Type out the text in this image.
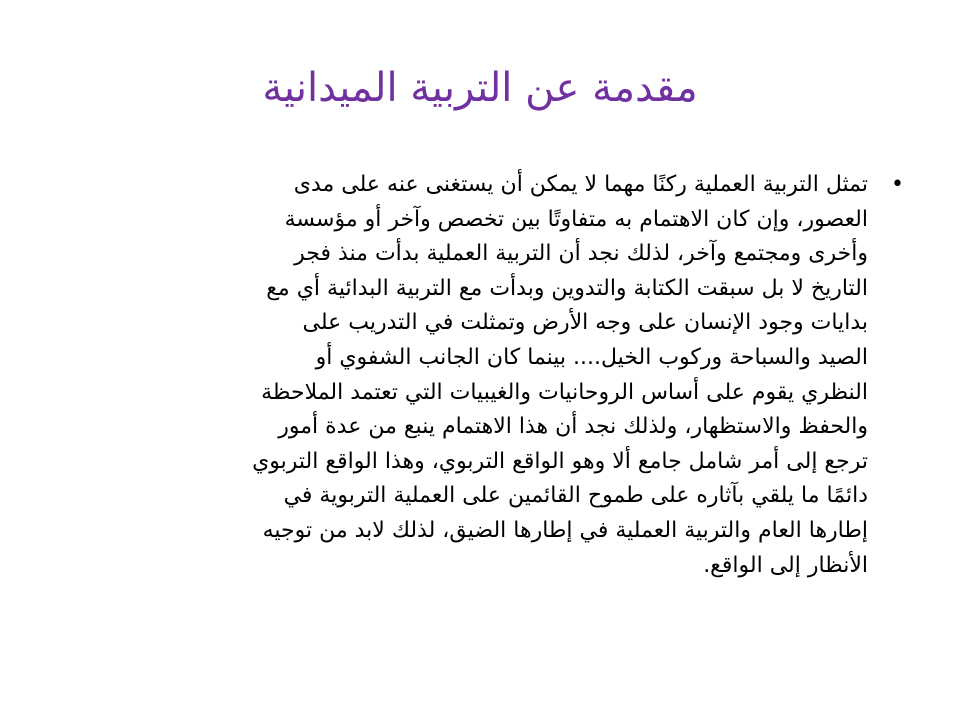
مقدمة عن التربية الميدانية
•
تمثل التربية العملية ركنًا مهما لا يمكن أن يستغنى عنه على مدى
العصور، وإن كان الاهتمام به متفاوتًا بين تخصص وآخر أو مؤسسة
وأخرى ومجتمع وآخر، لذلك نجد أن التربية العملية بدأت منذ فجر
التاريخ لا بل سبقت الكتابة والتدوين وبدأت مع التربية البدائية أي مع
بدايات وجود الإنسان على وجه الأرض وتمثلت في التدريب على
الصيد والسباحة وركوب الخيل.... بينما كان الجانب الشفوي أو
النظري يقوم على أساس الروحانيات والغيبيات التي تعتمد الملاحظة
والحفظ والاستظهار، ولذلك نجد أن هذا الاهتمام ينبع من عدة أمور
ترجع إلى أمر شامل جامع ألا وهو الواقع التربوي، وهذا الواقع التربوي
دائمًا ما يلقي بآثاره على طموح القائمين على العملية التربوية في
إطارها العام والتربية العملية في إطارها الضيق، لذلك لابد من توجيه
الأنظار إلى الواقع.
